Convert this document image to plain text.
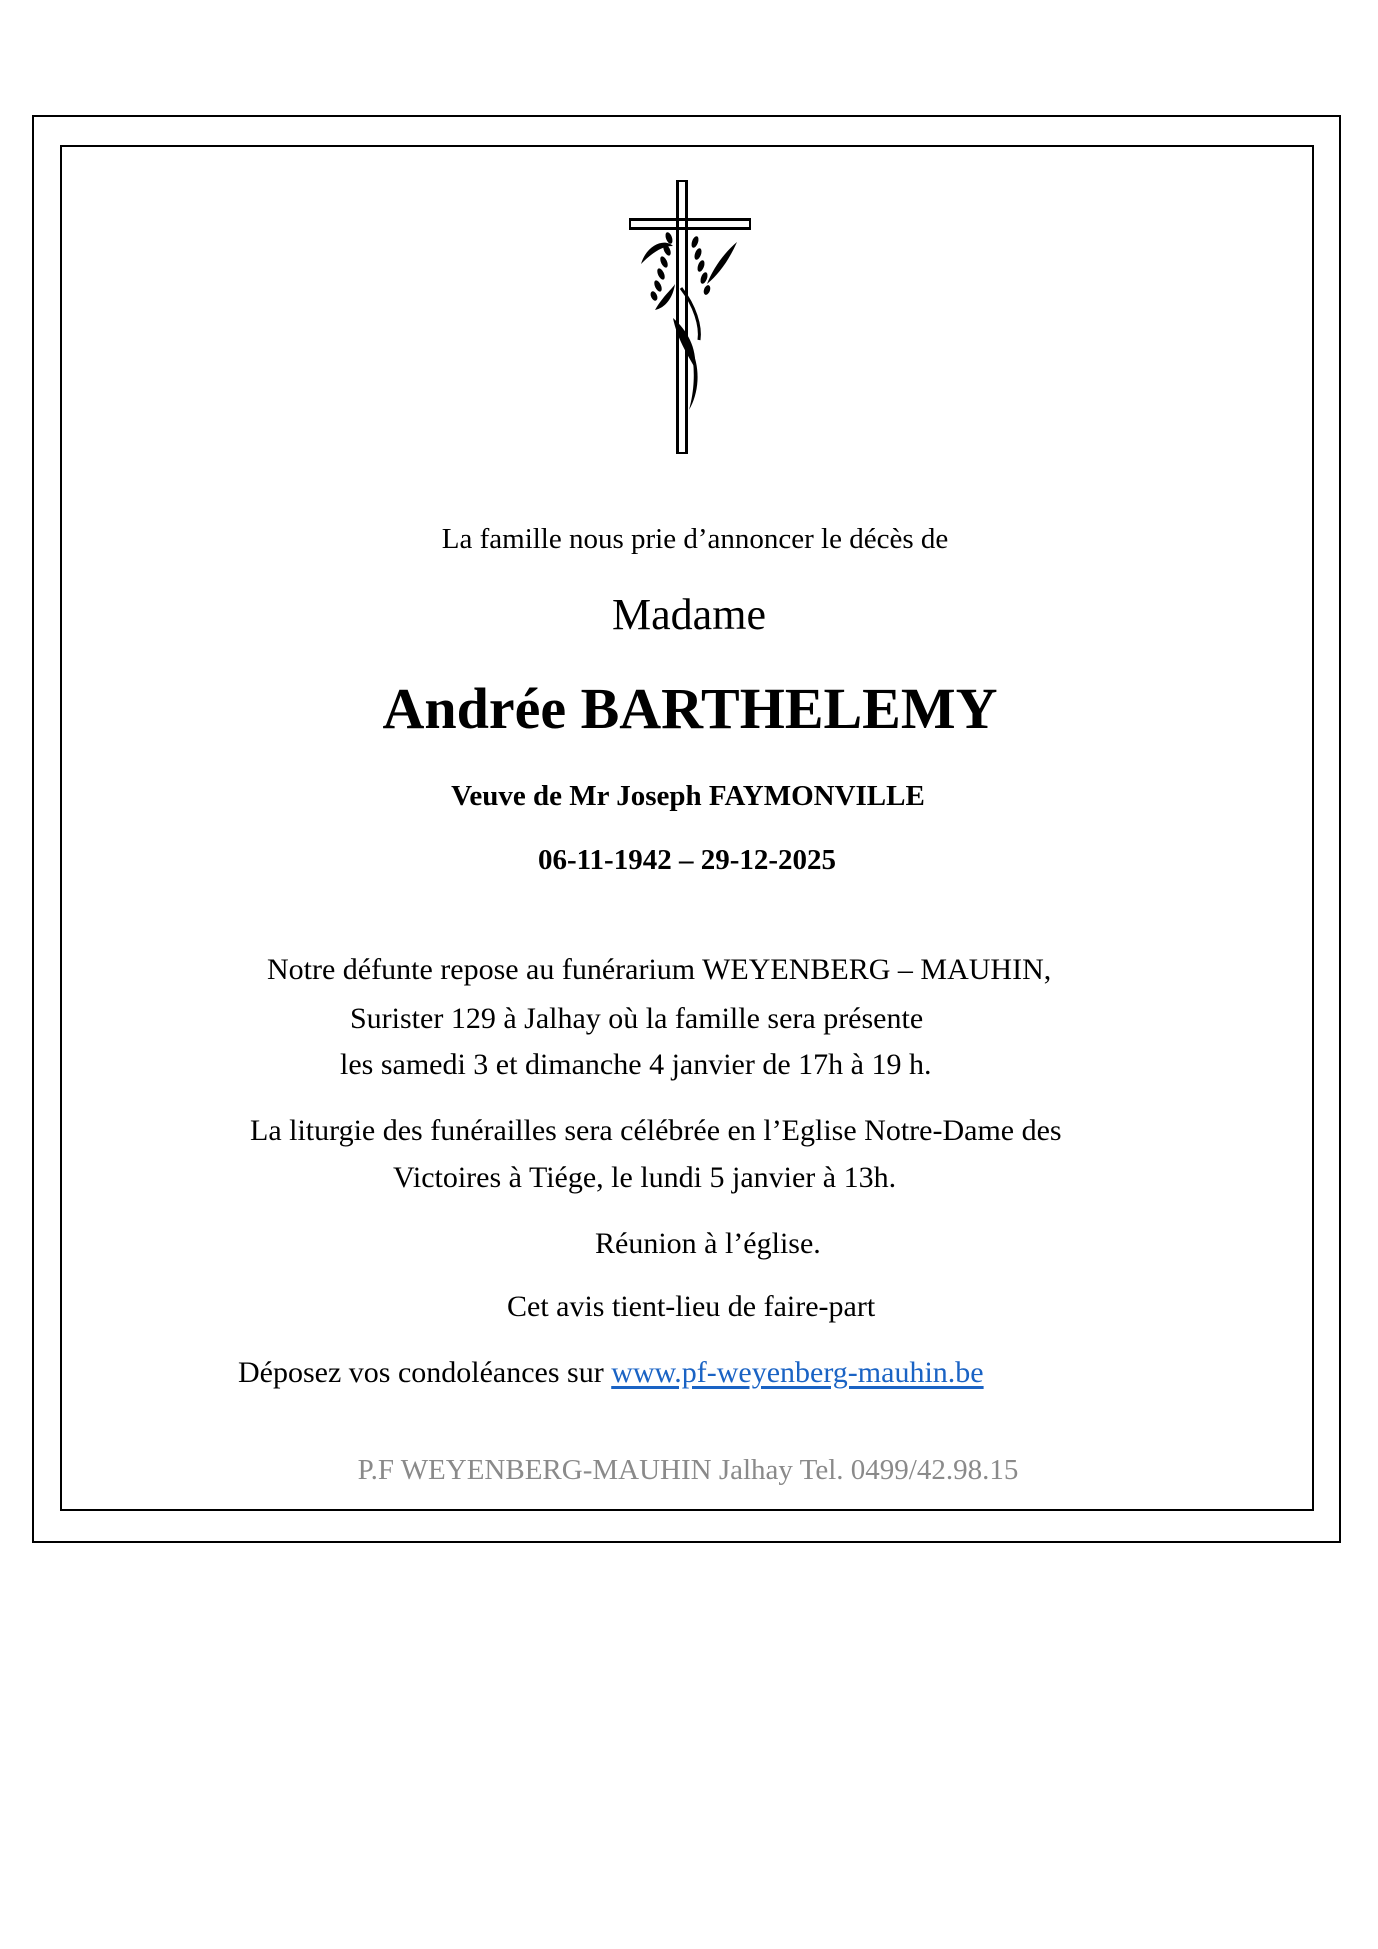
La famille nous prie d’annoncer le décès de
Madame
Andrée BARTHELEMY
Veuve de Mr Joseph FAYMONVILLE
06-11-1942 – 29-12-2025
Notre défunte repose au funérarium WEYENBERG – MAUHIN,
Surister 129 à Jalhay où la famille sera présente
les samedi 3 et dimanche 4 janvier de 17h à 19 h.
La liturgie des funérailles sera célébrée en l’Eglise Notre-Dame des
Victoires à Tiége, le lundi 5 janvier à 13h.
Réunion à l’église.
Cet avis tient-lieu de faire-part
Déposez vos condoléances sur www.pf-weyenberg-mauhin.be
P.F WEYENBERG-MAUHIN Jalhay Tel. 0499/42.98.15
